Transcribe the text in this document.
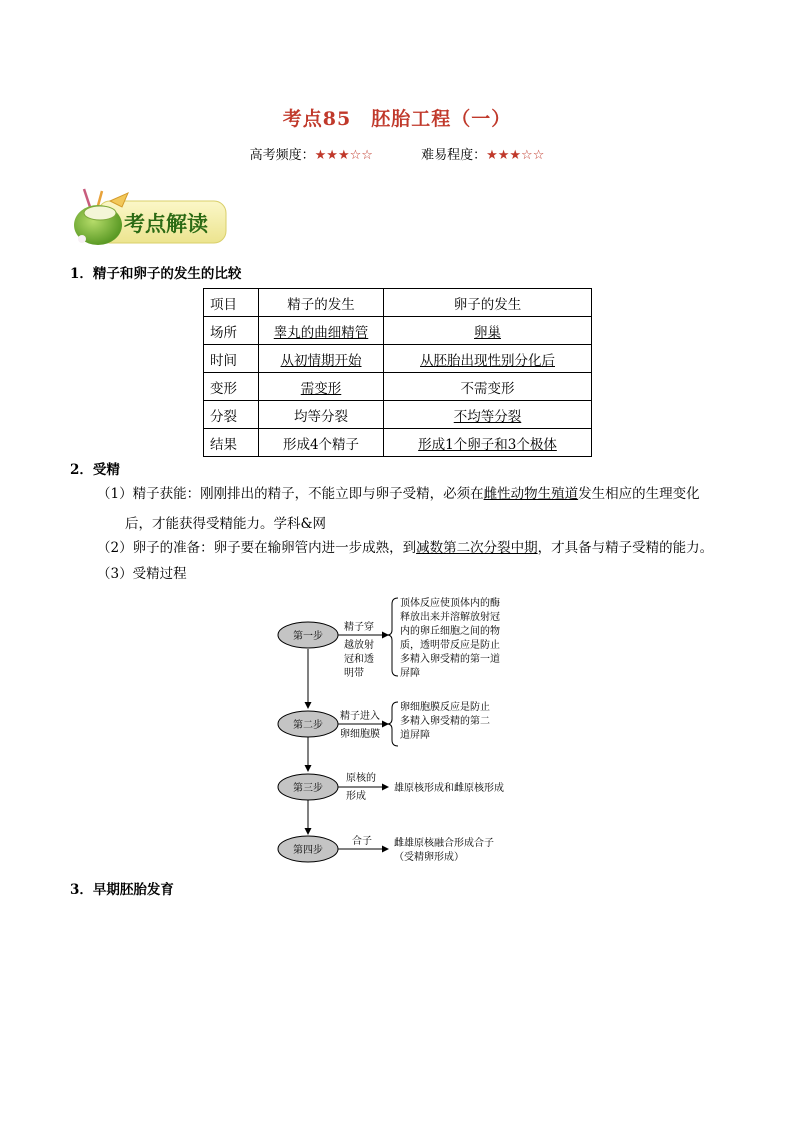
考点85　胚胎工程（一）
高考频度：★★★☆☆	难易程度：★★★☆☆
考点解读
1．精子和卵子的发生的比较
项目	精子的发生	卵子的发生
场所	睾丸的曲细精管	卵巢
时间	从初情期开始	从胚胎出现性别分化后
变形	需变形	不需变形
分裂	均等分裂	不均等分裂
结果	形成4个精子	形成1个卵子和3个极体
2．受精
（1）精子获能：刚刚排出的精子，不能立即与卵子受精，必须在雌性动物生殖道发生相应的生理变化
后，才能获得受精能力。学科&网
（2）卵子的准备：卵子要在输卵管内进一步成熟，到减数第二次分裂中期，才具备与精子受精的能力。
（3）受精过程
第一步
精子穿
越放射
冠和透
明带
顶体反应使顶体内的酶
释放出来并溶解放射冠
内的卵丘细胞之间的物
质，透明带反应是防止
多精入卵受精的第一道
屏障
第二步
精子进入
卵细胞膜
卵细胞膜反应是防止
多精入卵受精的第二
道屏障
第三步
原核的
形成
雄原核形成和雌原核形成
第四步
合子 雌雄原核融合形成合子
（受精卵形成）
3．早期胚胎发育
